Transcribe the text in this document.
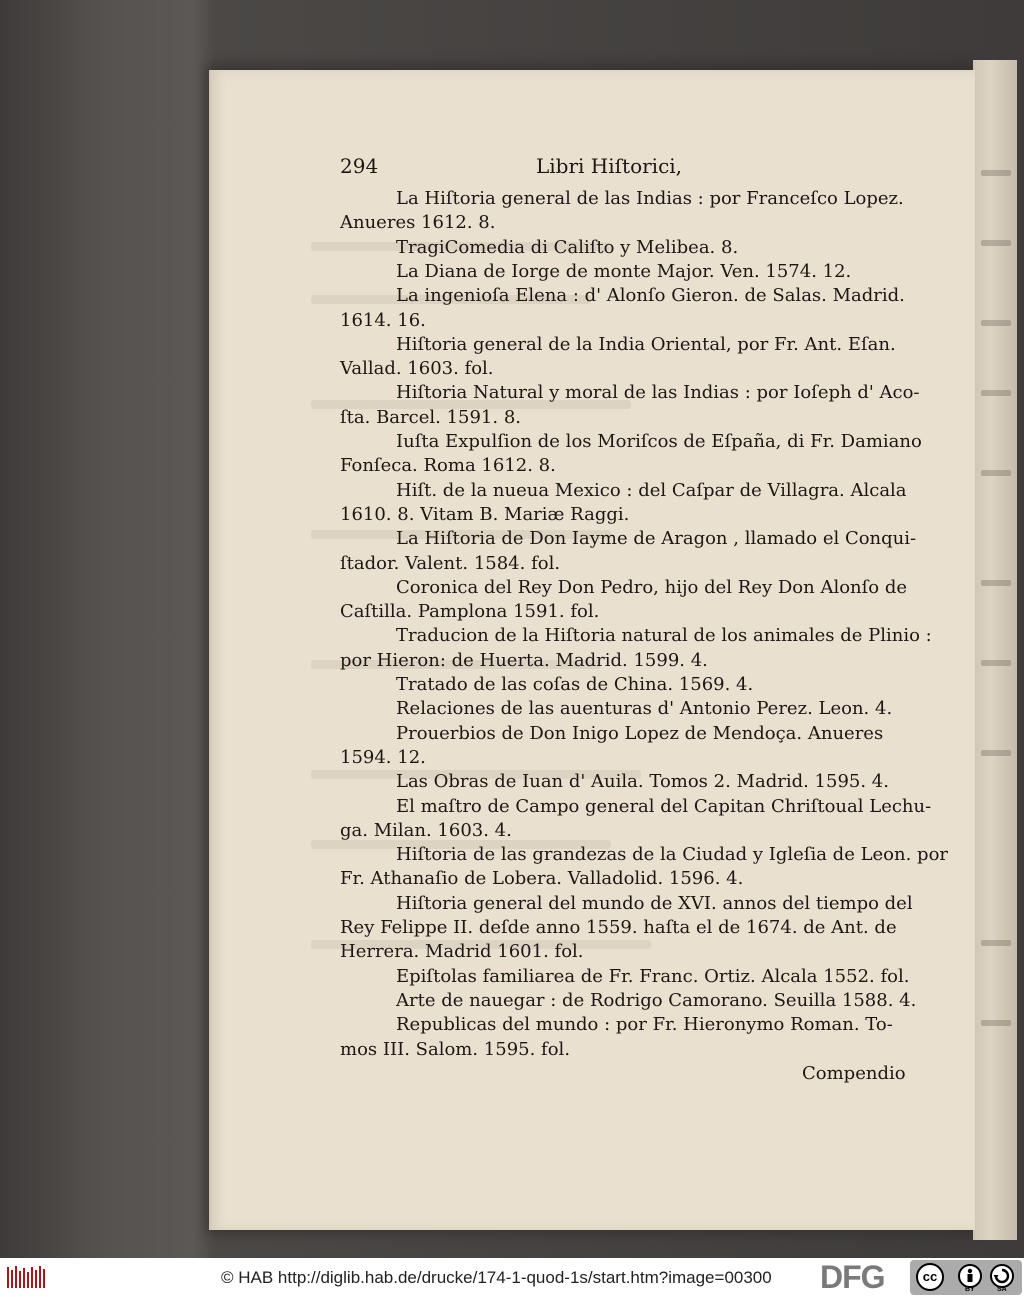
294	Libri Hiſtorici,
La Hiſtoria general de las Indias : por Franceſco Lopez.
Anueres 1612. 8.
TragiComedia di Caliſto y Melibea. 8.
La Diana de Iorge de monte Major. Ven. 1574. 12.
La ingenioſa Elena : d' Alonſo Gieron. de Salas. Madrid.
1614. 16.
Hiſtoria general de la India Oriental, por Fr. Ant. Eſan.
Vallad. 1603. fol.
Hiſtoria Natural y moral de las Indias : por Ioſeph d' Aco-
ſta. Barcel. 1591. 8.
Iuſta Expulſion de los Moriſcos de Eſpaña, di Fr. Damiano
Fonſeca. Roma 1612. 8.
Hiſt. de la nueua Mexico : del Caſpar de Villagra. Alcala
1610. 8. Vitam B. Mariæ Raggi.
La Hiſtoria de Don Iayme de Aragon , llamado el Conqui-
ſtador. Valent. 1584. fol.
Coronica del Rey Don Pedro, hijo del Rey Don Alonſo de
Caſtilla. Pamplona 1591. fol.
Traducion de la Hiſtoria natural de los animales de Plinio :
por Hieron: de Huerta. Madrid. 1599. 4.
Tratado de las coſas de China. 1569. 4.
Relaciones de las auenturas d' Antonio Perez. Leon. 4.
Prouerbios de Don Inigo Lopez de Mendoça. Anueres
1594. 12.
Las Obras de Iuan d' Auila. Tomos 2. Madrid. 1595. 4.
El maſtro de Campo general del Capitan Chriſtoual Lechu-
ga. Milan. 1603. 4.
Hiſtoria de las grandezas de la Ciudad y Igleſia de Leon. por
Fr. Athanaſio de Lobera. Valladolid. 1596. 4.
Hiſtoria general del mundo de XVI. annos del tiempo del
Rey Felippe II. deſde anno 1559. haſta el de 1674. de Ant. de
Herrera. Madrid 1601. fol.
Epiſtolas familiarea de Fr. Franc. Ortiz. Alcala 1552. fol.
Arte de nauegar : de Rodrigo Camorano. Seuilla 1588. 4.
Republicas del mundo : por Fr. Hieronymo Roman. To-
mos III. Salom. 1595. fol.
Compendio
© HAB http://diglib.hab.de/drucke/174-1-quod-1s/start.htm?image=00300 DFG	cc
BY	SA
